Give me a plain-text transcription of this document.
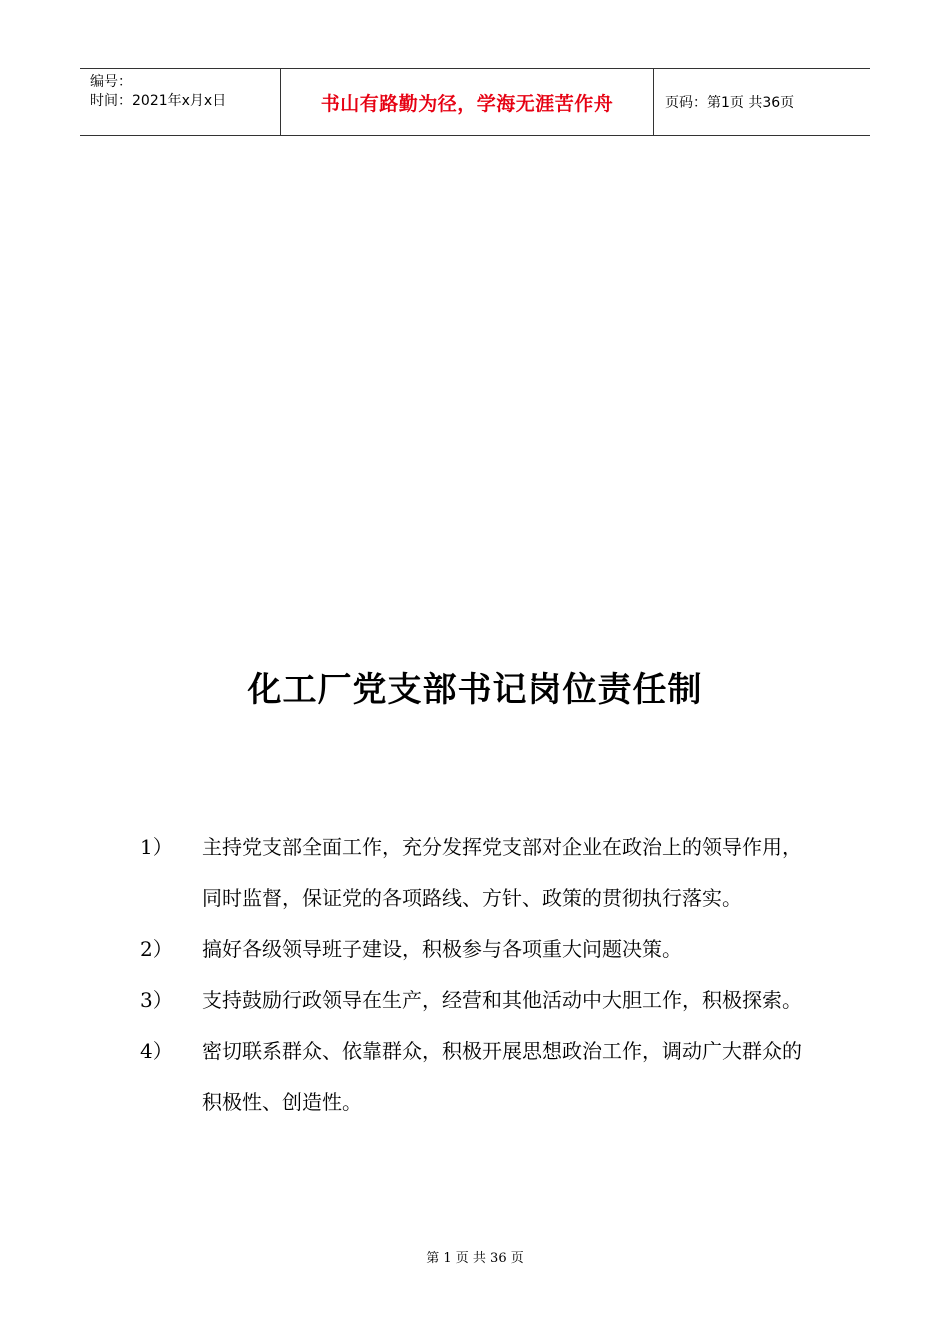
编号：
时间：2021年x月x日	书山有路勤为径，学海无涯苦作舟	页码：第1页 共36页
化工厂党支部书记岗位责任制
1）	主持党支部全面工作，充分发挥党支部对企业在政治上的领导作用，同时监督，保证党的各项路线、方针、政策的贯彻执行落实。
2）	搞好各级领导班子建设，积极参与各项重大问题决策。
3）	支持鼓励行政领导在生产，经营和其他活动中大胆工作，积极探索。
4）	密切联系群众、依靠群众，积极开展思想政治工作，调动广大群众的积极性、创造性。
第 1 页 共 36 页
